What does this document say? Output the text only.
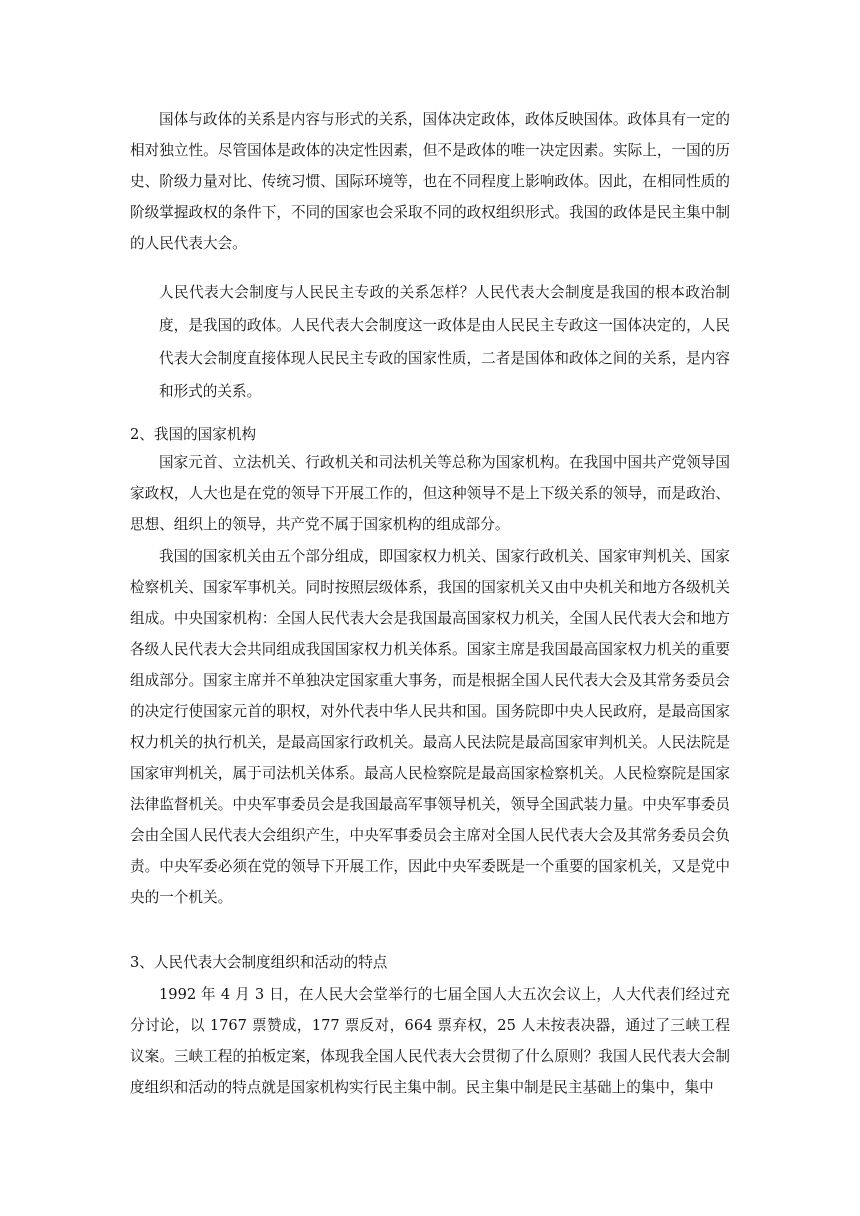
国体与政体的关系是内容与形式的关系，国体决定政体，政体反映国体。政体具有一定的相对独立性。尽管国体是政体的决定性因素，但不是政体的唯一决定因素。实际上，一国的历史、阶级力量对比、传统习惯、国际环境等，也在不同程度上影响政体。因此，在相同性质的阶级掌握政权的条件下，不同的国家也会采取不同的政权组织形式。我国的政体是民主集中制的人民代表大会。

人民代表大会制度与人民民主专政的关系怎样？人民代表大会制度是我国的根本政治制度，是我国的政体。人民代表大会制度这一政体是由人民民主专政这一国体决定的，人民代表大会制度直接体现人民民主专政的国家性质，二者是国体和政体之间的关系，是内容和形式的关系。

2、我国的国家机构

国家元首、立法机关、行政机关和司法机关等总称为国家机构。在我国中国共产党领导国家政权，人大也是在党的领导下开展工作的，但这种领导不是上下级关系的领导，而是政治、思想、组织上的领导，共产党不属于国家机构的组成部分。

我国的国家机关由五个部分组成，即国家权力机关、国家行政机关、国家审判机关、国家检察机关、国家军事机关。同时按照层级体系，我国的国家机关又由中央机关和地方各级机关组成。中央国家机构：全国人民代表大会是我国最高国家权力机关，全国人民代表大会和地方各级人民代表大会共同组成我国国家权力机关体系。国家主席是我国最高国家权力机关的重要组成部分。国家主席并不单独决定国家重大事务，而是根据全国人民代表大会及其常务委员会的决定行使国家元首的职权，对外代表中华人民共和国。国务院即中央人民政府，是最高国家权力机关的执行机关，是最高国家行政机关。最高人民法院是最高国家审判机关。人民法院是国家审判机关，属于司法机关体系。最高人民检察院是最高国家检察机关。人民检察院是国家法律监督机关。中央军事委员会是我国最高军事领导机关，领导全国武装力量。中央军事委员会由全国人民代表大会组织产生，中央军事委员会主席对全国人民代表大会及其常务委员会负责。中央军委必须在党的领导下开展工作，因此中央军委既是一个重要的国家机关，又是党中央的一个机关。

3、人民代表大会制度组织和活动的特点

1992 年 4 月 3 日，在人民大会堂举行的七届全国人大五次会议上，人大代表们经过充分讨论，以 1767 票赞成，177 票反对，664 票弃权，25 人未按表决器，通过了三峡工程议案。三峡工程的拍板定案，体现我全国人民代表大会贯彻了什么原则？我国人民代表大会制度组织和活动的特点就是国家机构实行民主集中制。民主集中制是民主基础上的集中，集中
